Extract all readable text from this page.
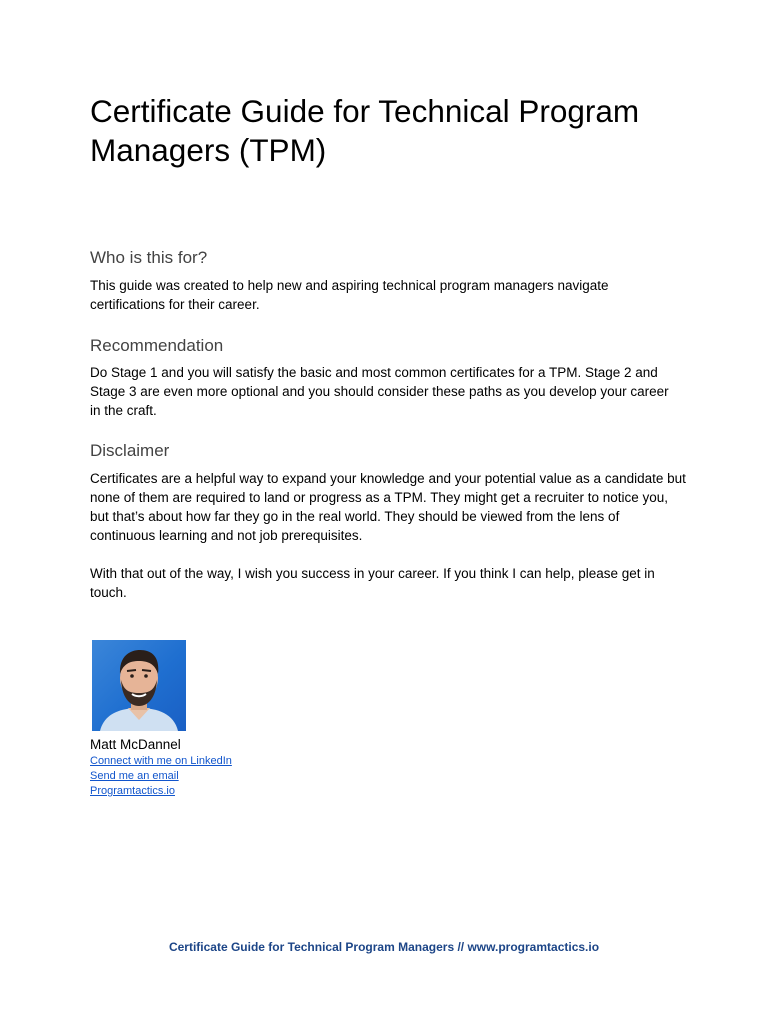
Certificate Guide for Technical Program Managers (TPM)
Who is this for?

This guide was created to help new and aspiring technical program managers navigate certifications for their career.

Recommendation

Do Stage 1 and you will satisfy the basic and most common certificates for a TPM. Stage 2 and Stage 3 are even more optional and you should consider these paths as you develop your career in the craft.

Disclaimer

Certificates are a helpful way to expand your knowledge and your potential value as a candidate but none of them are required to land or progress as a TPM. They might get a recruiter to notice you, but that’s about how far they go in the real world. They should be viewed from the lens of continuous learning and not job prerequisites.

With that out of the way, I wish you success in your career. If you think I can help, please get in touch.

Matt McDannel

Connect with me on LinkedIn
Send me an email
Programtactics.io
Certificate Guide for Technical Program Managers // www.programtactics.io
